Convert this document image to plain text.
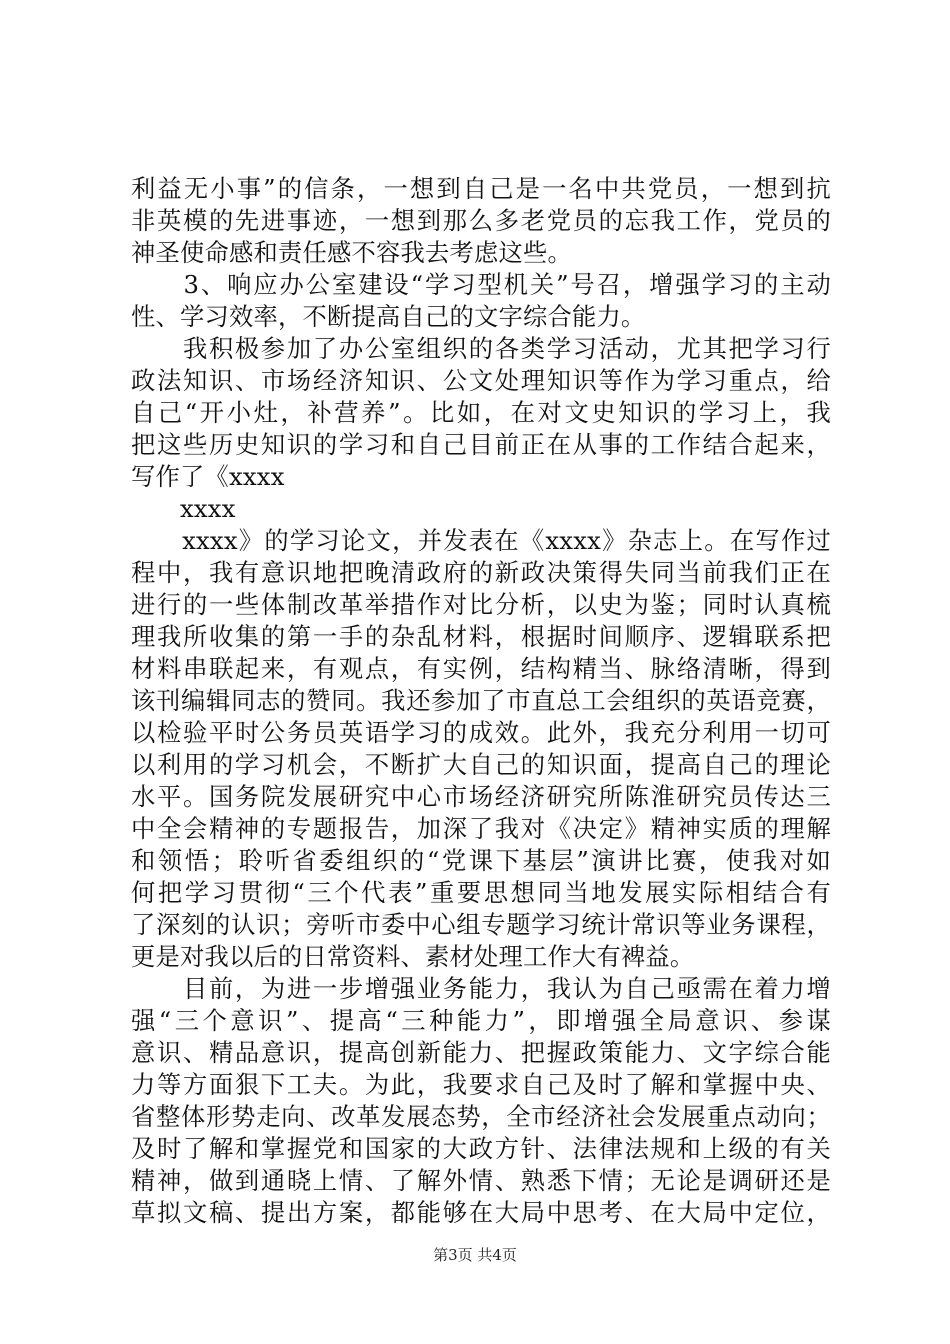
利益无小事”的信条，一想到自己是一名中共党员，一想到抗
非英模的先进事迹，一想到那么多老党员的忘我工作，党员的
神圣使命感和责任感不容我去考虑这些。
　　3、响应办公室建设“学习型机关”号召，增强学习的主动
性、学习效率，不断提高自己的文字综合能力。
　　我积极参加了办公室组织的各类学习活动，尤其把学习行
政法知识、市场经济知识、公文处理知识等作为学习重点，给
自己“开小灶，补营养”。比如，在对文史知识的学习上，我
把这些历史知识的学习和自己目前正在从事的工作结合起来，
写作了《xxxx
　　xxxx
　　xxxx》的学习论文，并发表在《xxxx》杂志上。在写作过
程中，我有意识地把晚清政府的新政决策得失同当前我们正在
进行的一些体制改革举措作对比分析，以史为鉴；同时认真梳
理我所收集的第一手的杂乱材料，根据时间顺序、逻辑联系把
材料串联起来，有观点，有实例，结构精当、脉络清晰，得到
该刊编辑同志的赞同。我还参加了市直总工会组织的英语竞赛，
以检验平时公务员英语学习的成效。此外，我充分利用一切可
以利用的学习机会，不断扩大自己的知识面，提高自己的理论
水平。国务院发展研究中心市场经济研究所陈淮研究员传达三
中全会精神的专题报告，加深了我对《决定》精神实质的理解
和领悟；聆听省委组织的“党课下基层”演讲比赛，使我对如
何把学习贯彻“三个代表”重要思想同当地发展实际相结合有
了深刻的认识；旁听市委中心组专题学习统计常识等业务课程，
更是对我以后的日常资料、素材处理工作大有裨益。
　　目前，为进一步增强业务能力，我认为自己亟需在着力增
强“三个意识”、提高“三种能力”，即增强全局意识、参谋
意识、精品意识，提高创新能力、把握政策能力、文字综合能
力等方面狠下工夫。为此，我要求自己及时了解和掌握中央、
省整体形势走向、改革发展态势，全市经济社会发展重点动向；
及时了解和掌握党和国家的大政方针、法律法规和上级的有关
精神，做到通晓上情、了解外情、熟悉下情；无论是调研还是
草拟文稿、提出方案，都能够在大局中思考、在大局中定位，
第3页 共4页
